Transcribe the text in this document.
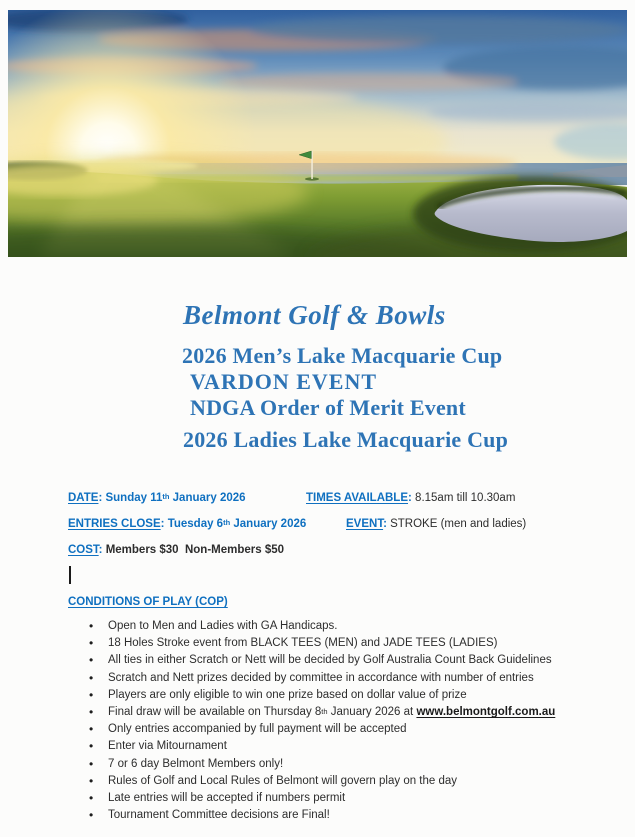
Belmont Golf & Bowls
2026 Men’s Lake Macquarie Cup
VARDON EVENT
NDGA Order of Merit Event
2026 Ladies Lake Macquarie Cup
DATE: Sunday 11th January 2026	TIMES AVAILABLE: 8.15am till 10.30am
ENTRIES CLOSE: Tuesday 6th January 2026	EVENT: STROKE (men and ladies)
COST: Members $30  Non-Members $50
CONDITIONS OF PLAY (COP)
• Open to Men and Ladies with GA Handicaps.
• 18 Holes Stroke event from BLACK TEES (MEN) and JADE TEES (LADIES)
• All ties in either Scratch or Nett will be decided by Golf Australia Count Back Guidelines
• Scratch and Nett prizes decided by committee in accordance with number of entries
• Players are only eligible to win one prize based on dollar value of prize
• Final draw will be available on Thursday 8th January 2026 at www.belmontgolf.com.au
• Only entries accompanied by full payment will be accepted
• Enter via Mitournament
• 7 or 6 day Belmont Members only!
• Rules of Golf and Local Rules of Belmont will govern play on the day
• Late entries will be accepted if numbers permit
• Tournament Committee decisions are Final!
